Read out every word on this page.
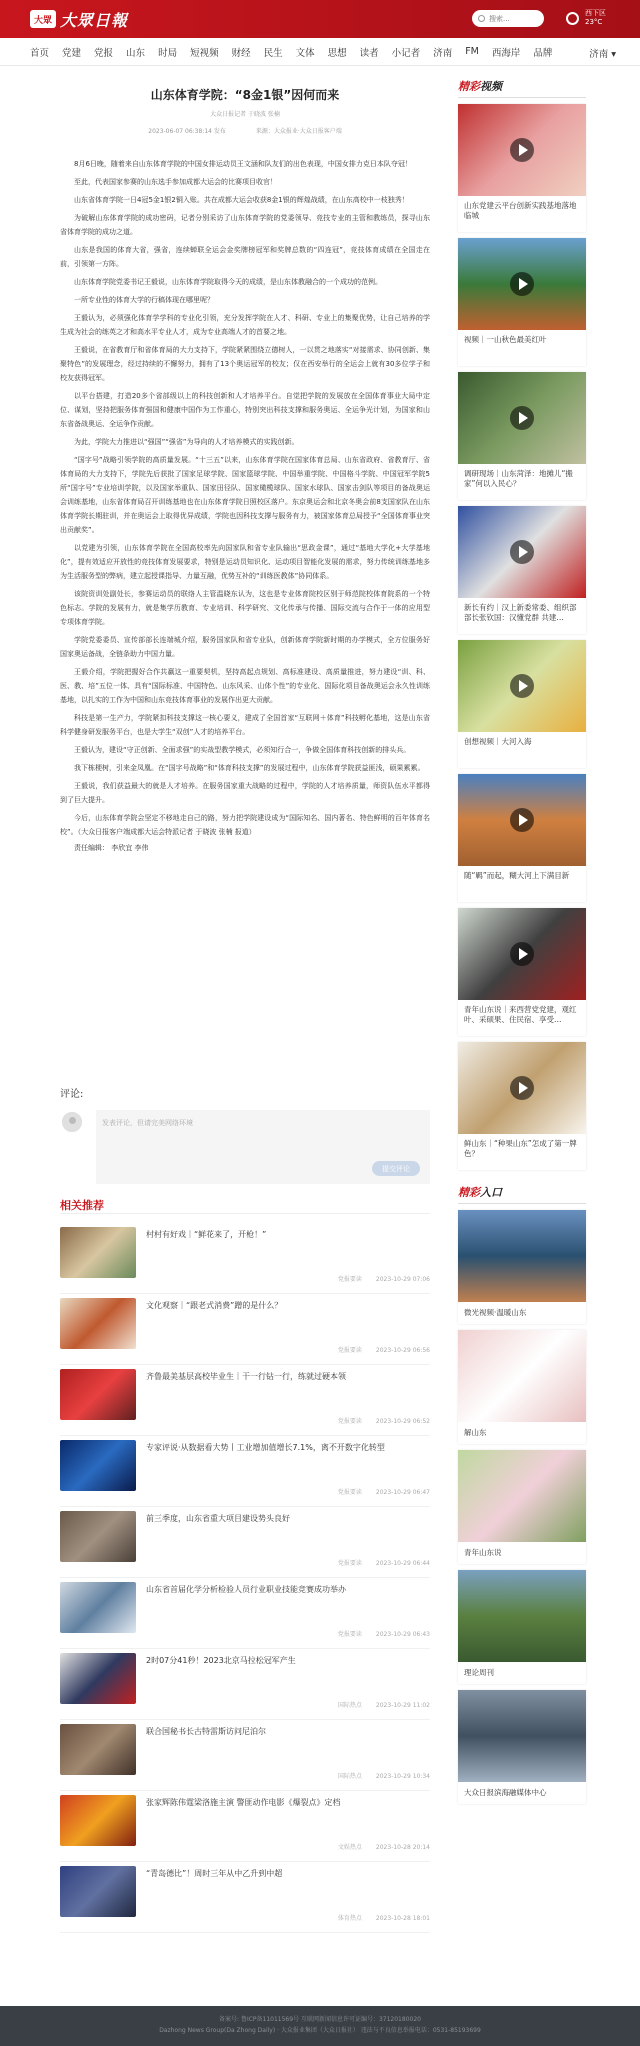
大眾 大眾日報
搜索...	西下区
23°C
首页 党建 党报 山东 时局 短视频 财经 民生 文体 思想 读者 小记者 济南 FM 西海岸 品牌	济南 ▾
山东体育学院：“8金1银”因何而来
大众日报记者 于晓波 张楠
2023-06-07 06:38:14 发布	来源：大众报业·大众日报客户端

8月6日晚，随着来自山东体育学院的中国女排运动员王文涵和队友们的出色表现，中国女排力克日本队夺冠！

至此，代表国家参赛的山东选手参加成都大运会的比赛项目收官！

山东省体育学院一日4冠5金1银2铜入账。共在成都大运会收获8金1银的辉煌战绩，在山东高校中一枝独秀！

为破解山东体育学院的成功密码，记者分别采访了山东体育学院的党委领导、竞技专业的主管和教练员，探寻山东省体育学院的成功之道。

山东是我国的体育大省，强省，连续蝉联全运会金奖牌榜冠军和奖牌总数的“四连冠”，竞技体育成绩在全国走在前，引领第一方阵。

山东体育学院党委书记王毅说，山东体育学院取得今天的成绩，是山东体教融合的一个成功的范例。

一所专业性的体育大学的行稿体现在哪里呢？

王毅认为，必须强化体育学学科的专业化引领，充分发挥学院在人才、科研、专业上的集聚优势，让自己培养的学生成为社会的练英之才和高水平专业人才，成为专业高端人才的首要之地。

王毅说，在省教育厅和省体育局的大力支持下，学院紧紧围绕立德树人，一以贯之地落实“对接需求、协同创新、集聚特色”的发展理念，经过持续的不懈努力，拥有了13个奥运冠军的校友；仅在西安举行的全运会上就有30多位学子和校友获得冠军。

以平台搭建，打造20多个省部级以上的科技创新和人才培养平台。自觉把学院的发展放在全国体育事业大局中定位、谋划，坚持把服务体育强国和健康中国作为工作重心，特别突出科技支撑和服务奥运、全运争光计划，为国家和山东省备战奥运、全运争作贡献。

为此，学院大力推进以“强国”“强省”为导向的人才培养模式的实践创新。

“国字号”战略引领学院的高质量发展。“十三五”以来，山东体育学院在国家体育总局、山东省政府、省教育厅、省体育局的大力支持下，学院先后获批了国家足球学院、国家篮球学院、中国举重学院、中国格斗学院、中国冠军学院5所“国字号”专业培训学院，以及国家举重队、国家田径队、国家橄榄球队、国家水球队、国家击剑队等项目的备战奥运会训练基地，山东省体育局召开训练基地也在山东体育学院日照校区落户。东京奥运会和北京冬奥会前8支国家队在山东体育学院长期驻训，并在奥运会上取得优异成绩，学院也因科技支撑与服务有力，被国家体育总局授予“全国体育事业突出贡献奖”。

以党建为引领，山东体育学院在全国高校率先向国家队和省专业队输出“思政金课”，通过“基地大学化+大学基地化”，提有效适应开放性的竞技体育发展要求，特别是运动员知识化、运动项目智能化发展的需求，努力传统训练基地多为生活服务型的弊病，建立起授课指导、力量互融，优势互补的“训练医教体”协同体系。

该院资训处副处长，参赛运动员的联络人主管温晓东认为，这也是专业体育院校区别于师范院校体育院系的一个特色标志。学院的发展有力，就是集学历教育、专业培训、科学研究、文化传承与传播、国际交流与合作于一体的应用型专项体育学院。

学院党委委员、宣传部部长连端城介绍，服务国家队和省专业队，创新体育学院新时期的办学模式，全方位服务好国家奥运备战，全链条助力中国力量。

王毅介绍，学院把握好合作共赢这一重要契机，坚持高起点规划、高标准建设、高质量推进，努力建设“训、科、医、教、培”五位一体、具有“国际标准、中国特色、山东风采、山体个性”的专业化、国际化项目备战奥运会永久性训练基地，以扎实的工作为中国和山东竞技体育事业的发展作出更大贡献。

科技是第一生产力，学院紧扣科技支撑这一核心要义，建成了全国首家“互联网＋体育”科技孵化基地，这是山东省科学健身研发服务平台，也是大学生“双创”人才的培养平台。

王毅认为，建设“守正创新、全面求强”的实战型教学模式，必须知行合一，争做全国体育科技创新的排头兵。

我下栋梗树，引来金凤凰。在“国字号战略”和“体育科技支撑”的发展过程中，山东体育学院获益匪浅，硕果累累。

王毅说，我们获益最大的就是人才培养。在服务国家重大战略的过程中，学院的人才培养质量，师资队伍水平都得到了巨大提升。

今后，山东体育学院会坚定不移地走自己的路，努力把学院建设成为“国际知名、国内著名、特色鲜明的百年体育名校”。（大众日报客户端成都大运会特派记者 于晓波 张楠 报道）

责任编辑： 李欣宜 李伟
评论:
发表评论，但请完美网络环境
提交评论
相关推荐
村村有好戏｜“鲜花来了，开枪！”
党报要读 2023-10-29 07:06
文化观察｜“跟老式消费”蹭的是什么？
党报要读 2023-10-29 06:56
齐鲁最美基层高校毕业生｜干一行钻一行，练就过硬本领
党报要读 2023-10-29 06:52
专家评说·从数据看大势丨工业增加值增长7.1%，离不开数字化转型
党报要读 2023-10-29 06:47
前三季度，山东省重大项目建设势头良好
党报要读 2023-10-29 06:44
山东省首届化学分析检验人员行业职业技能竞赛成功举办
党报要读 2023-10-29 06:43
2时07分41秒！2023北京马拉松冠军产生
国际热点 2023-10-29 11:02
联合国秘书长古特雷斯访问尼泊尔
国际热点 2023-10-29 10:34
张家辉陈伟霆梁洛施主演 警匪动作电影《爆裂点》定档
文娱热点 2023-10-28 20:14
“青岛德比”！周时三年从中乙升到中超
体育热点 2023-10-28 18:01
精彩视频
山东党建云平台创新实践基地落地临城
视频｜一山秋色最美红叶
调研现场｜山东菏泽：地摊儿“搬家”何以入民心？
新长有约｜汉上新委常委、组织部部长张钦国：汉懂党群 共建…
创想视频｜大河入海
随“羁”而起，糊大河上下满目新
青年山东说｜来西营党党建，观红叶、采硕果、住民宿、享受…
鲜山东｜“种果山东”怎成了第一牌色？
精彩入口
微光视频·温暖山东
解山东
青年山东说
理论周刊
大众日报滨海融媒体中心
备案号: 鲁ICP备11011569号 互联网新闻信息许可证编号：37120180020
Dazhong News Group(Da Zhong Daily) · 大众报业集团（大众日报社） 违法与不良信息举报电话：0531-85193699
